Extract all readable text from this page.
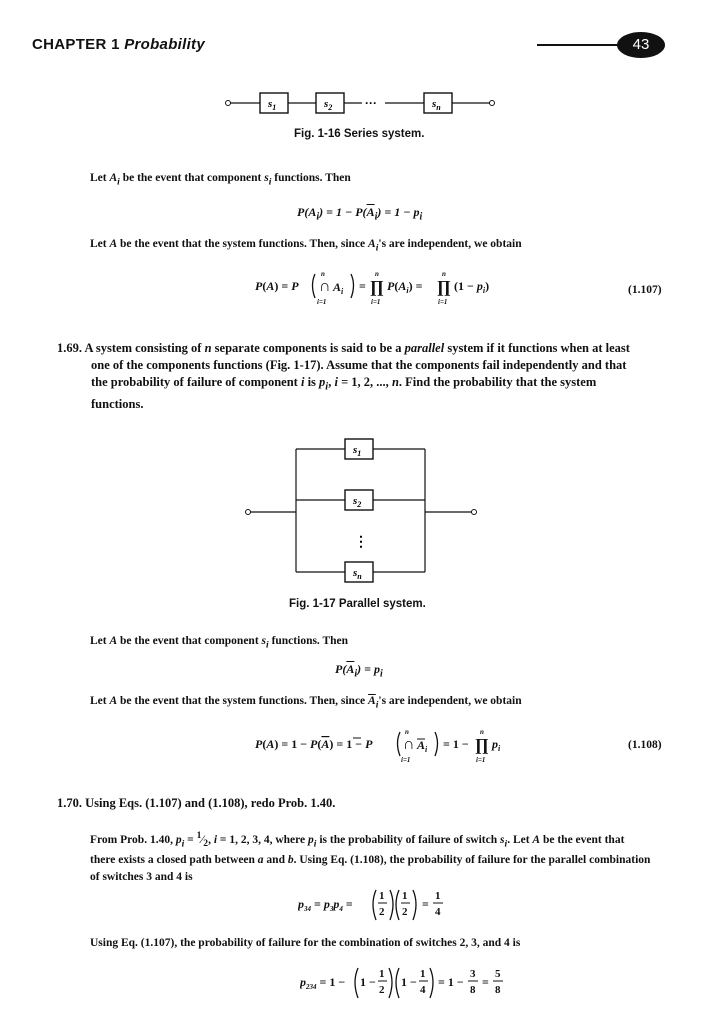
CHAPTER 1 Probability	43
$s_1$	$s_2$	···	$s_n$
Fig. 1-16 Series system.
Let $A_i$ be the event that component $s_i$ functions. Then
$P(A_i) = 1 - P(\overline{A}_i) = 1 - p_i$
Let A be the event that the system functions. Then, since $A_i's$ are independent, we obtain
P(A) = P ∩
n
i=1
$A_i$ = ∏
n
i=1
$P(A_i)$ = ∏
n
i=1
$(1 - p_i)$	(1.107)
1.69. A system consisting of n separate components is said to be a parallel system if it functions when at least
one of the components functions (Fig. 1-17). Assume that the components fail independently and that
the probability of failure of component i is $p_i$, i = 1, 2, ..., n. Find the probability that the system
functions.
$s_1$
$s_2$
⋮
$s_n$
Fig. 1-17 Parallel system.
Let A be the event that component $s_i$ functions. Then
$P(\overline{A}_i) = p_i$
Let A be the event that the system functions. Then, since $\overline{A}_i's$ are independent, we obtain
P(A) = 1 − P(A) = 1 − P ∩
n
i=1
$A_i = 1$ − ∏
n
i=1
$p_i$	(1.108)
1.70. Using Eqs. (1.107) and (1.108), redo Prob. 1.40.
From Prob. 1.40, $p_i$ = $^1⁄_2$, i = 1, 2, 3, 4, where $p_i$ is the probability of failure of switch $s_i$. Let A be the event that
there exists a closed path between a and b. Using Eq. (1.108), the probability of failure for the parallel combination
of switches 3 and 4 is
$p_{34} = p_3p_4$ =
1
2
1
2
=
1
4
Using Eq. (1.107), the probability of failure for the combination of switches 2, 3, and 4 is
$p_{234} = 1 - 1$ −
1
2
1 −
1
4
= 1 −
3
8
=
5
8
